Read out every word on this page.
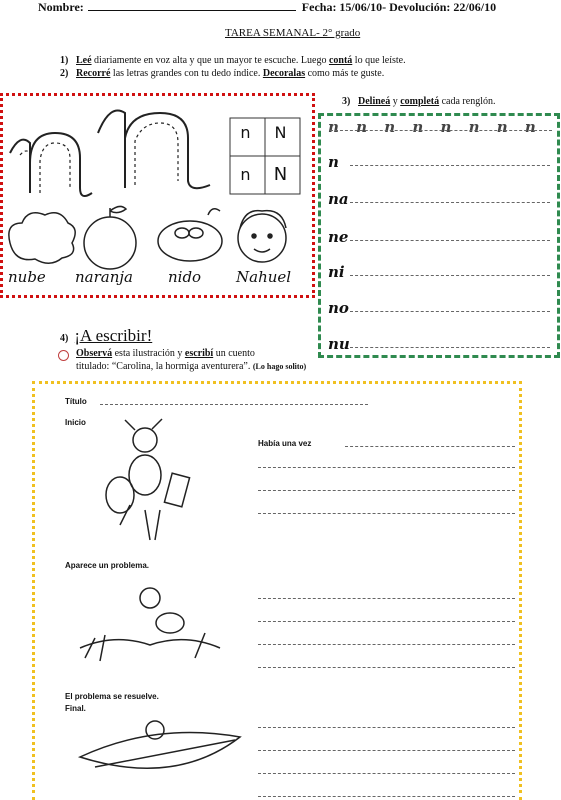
Nombre:	Fecha: 15/06/10- Devolución: 22/06/10
TAREA SEMANAL- 2° grado
1) Leé diariamente en voz alta y que un mayor te escuche. Luego contá lo que leíste.
2) Recorré las letras grandes con tu dedo índice. Decoralas como más te guste.
n	N
n	N
nube naranja nido Nahuel
3) Delineá y completá cada renglón.
n n n n n n n n
n
na
ne
ni
no
nu
4) ¡A escribir!
Observá esta ilustración y escribí un cuento
titulado: “Carolina, la hormiga aventurera”. (Lo hago solito)
Título
Inicio
Había una vez
Aparece un problema.
El problema se resuelve.
Final.
